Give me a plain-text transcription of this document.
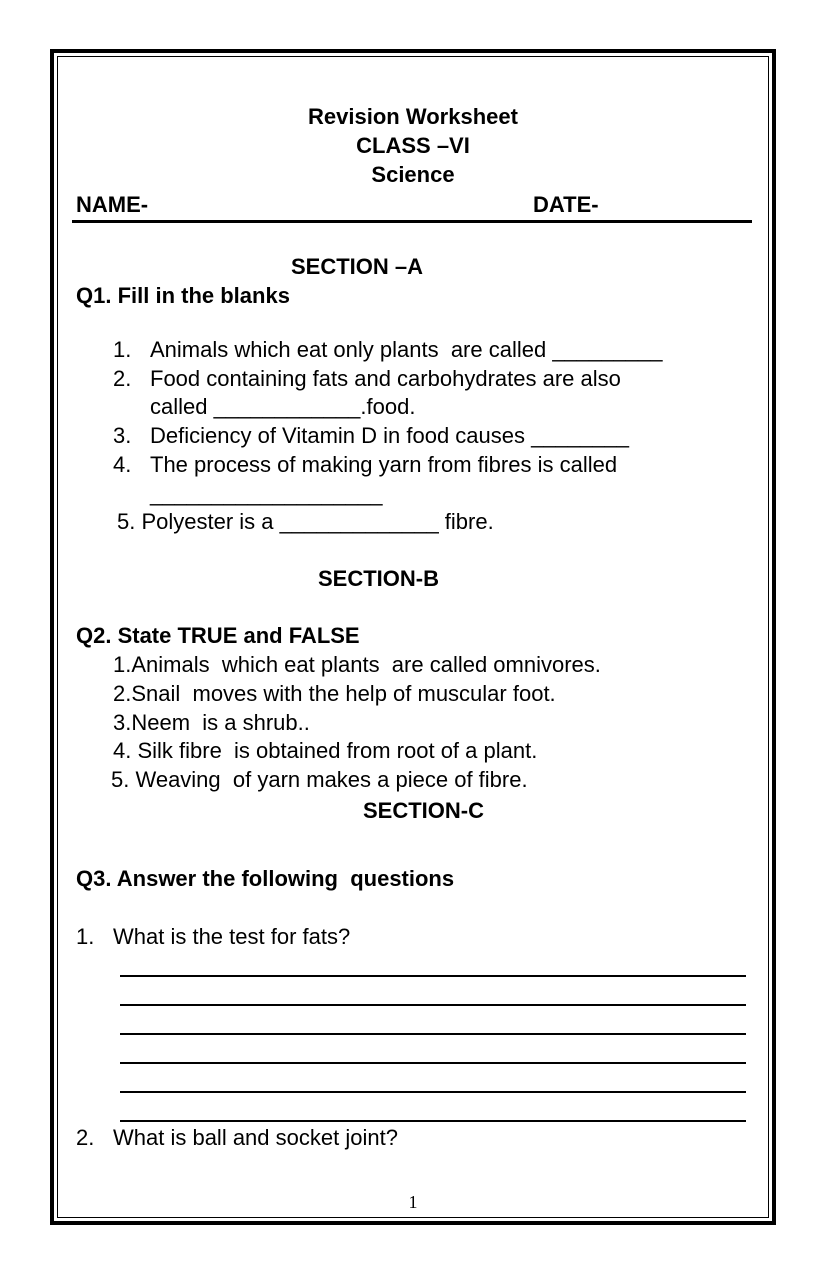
Revision Worksheet
CLASS –VI
Science
NAME-	DATE-
SECTION –A
Q1. Fill in the blanks
1. Animals which eat only plants  are called _________
2. Food containing fats and carbohydrates are also
called ____________.food.
3. Deficiency of Vitamin D in food causes ________
4. The process of making yarn from fibres is called
___________________
5. Polyester is a _____________ fibre.
SECTION-B
Q2. State TRUE and FALSE
1.Animals  which eat plants  are called omnivores.
2.Snail  moves with the help of muscular foot.
3.Neem  is a shrub..
4. Silk fibre  is obtained from root of a plant.
5. Weaving  of yarn makes a piece of fibre.
SECTION-C
Q3. Answer the following  questions
1. What is the test for fats?
2. What is ball and socket joint?
1
